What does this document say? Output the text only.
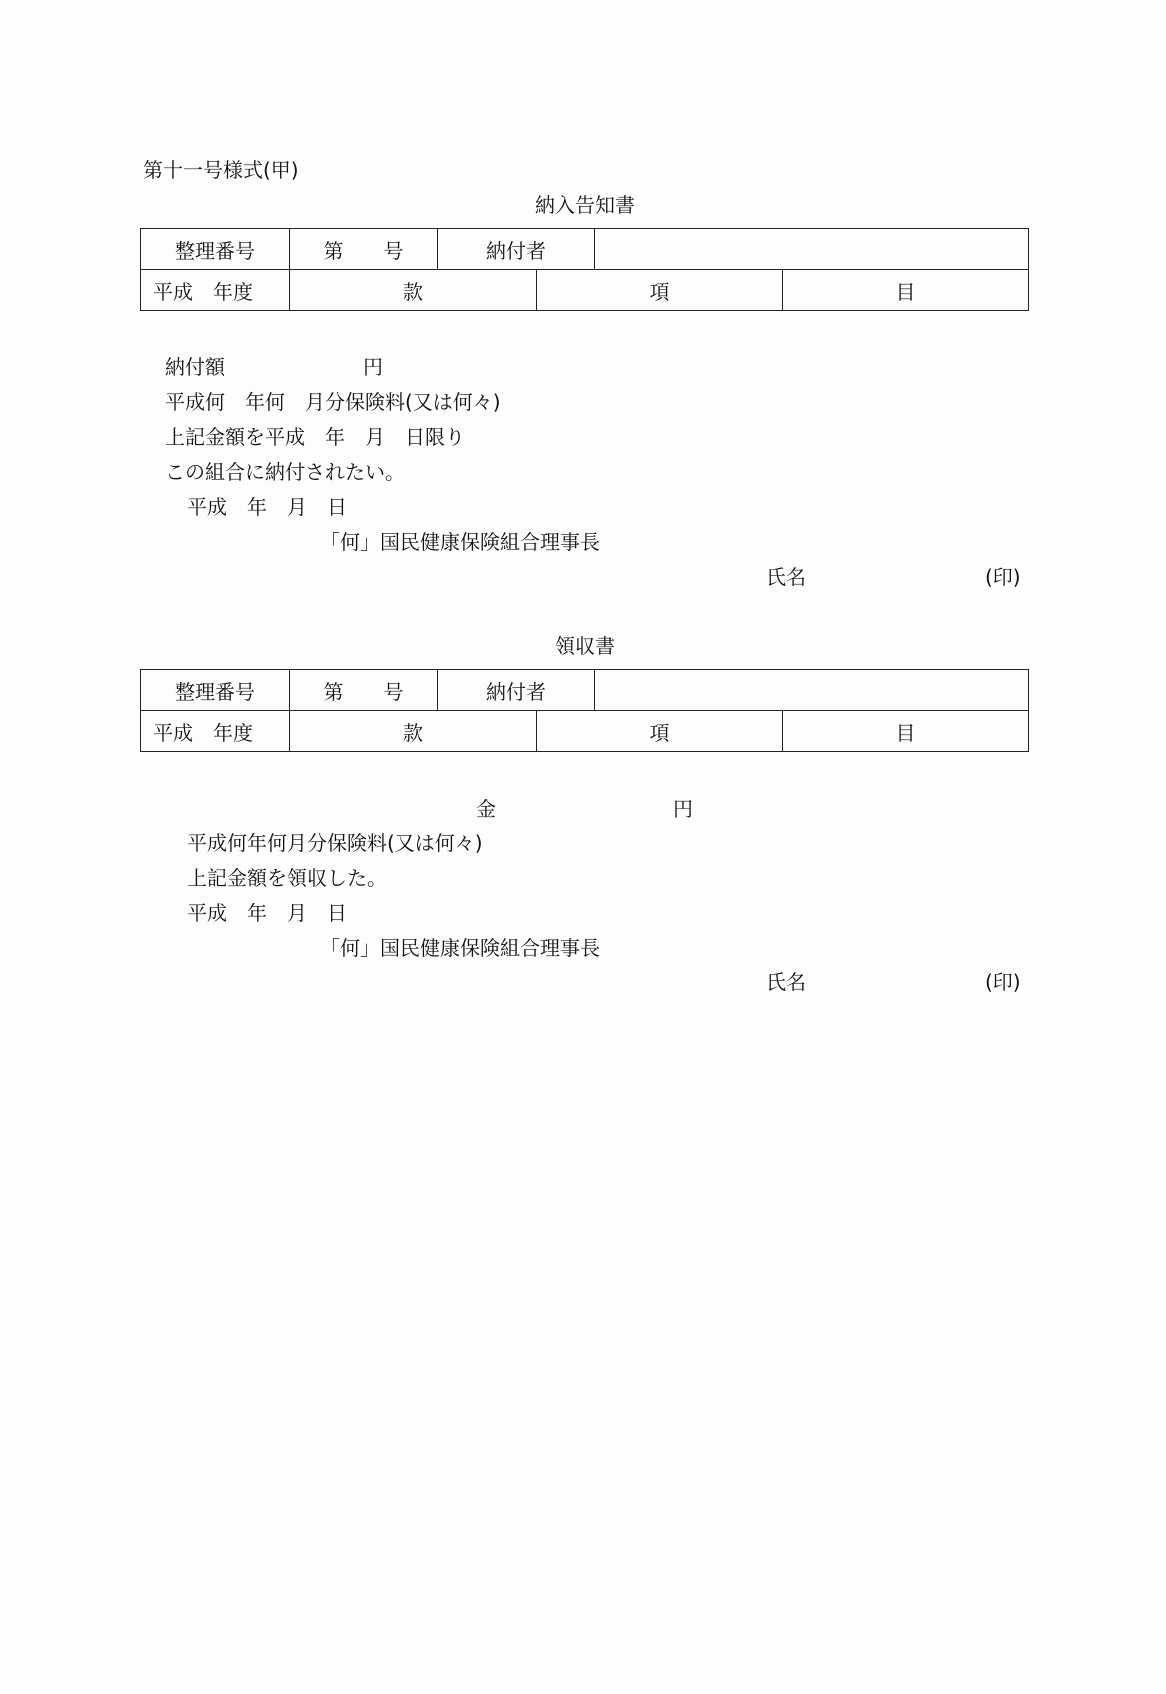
第十一号様式(甲)
納入告知書
整理番号	第　　号	納付者			
平成　年度	款		項		目
納付額	円
平成何　年何　月分保険料(又は何々)
上記金額を平成　年　月　日限り
この組合に納付されたい。
平成　年　月　日
「何」国民健康保険組合理事長
氏名	(印)
領収書
整理番号	第　　号	納付者			
平成　年度	款		項		目
金	円
平成何年何月分保険料(又は何々)
上記金額を領収した。
平成　年　月　日
「何」国民健康保険組合理事長
氏名	(印)
